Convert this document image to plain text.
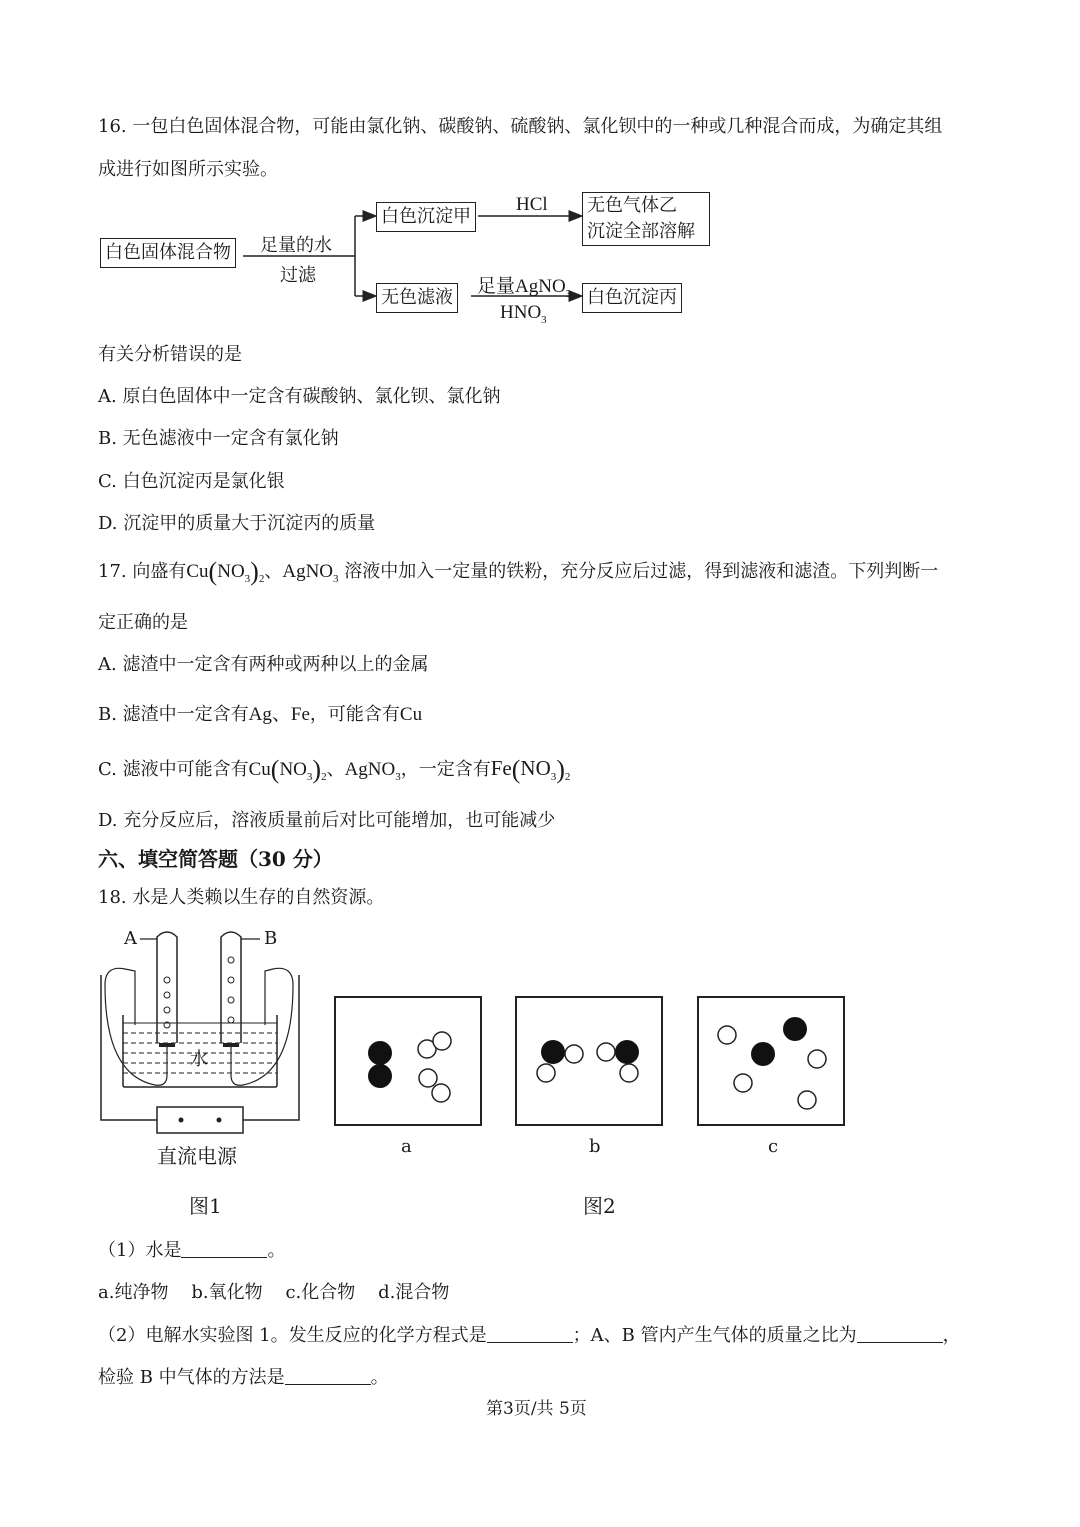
16. 一包白色固体混合物，可能由氯化钠、碳酸钠、硫酸钠、氯化钡中的一种或几种混合而成，为确定其组
成进行如图所示实验。
白色固体混合物 足量的水
过滤
白色沉淀甲
HCl 无色气体乙
沉淀全部溶解
无色滤液
足量AgNO$_3$
$HNO_3$
白色沉淀丙
有关分析错误的是
A. 原白色固体中一定含有碳酸钠、氯化钡、氯化钠
B. 无色滤液中一定含有氯化钠
C. 白色沉淀丙是氯化银
D. 沉淀甲的质量大于沉淀丙的质量
17. 向盛有$Cu(NO_3)_2$、AgNO$_3$ 溶液中加入一定量的铁粉，充分反应后过滤，得到滤液和滤渣。下列判断一
定正确的是
A. 滤渣中一定含有两种或两种以上的金属
B. 滤渣中一定含有Ag、Fe，可能含有Cu
C. 滤液中可能含有$Cu(NO_3)_2$、AgNO$_3$，一定含有$Fe(NO_3)_2$
D. 充分反应后，溶液质量前后对比可能增加，也可能减少
六、填空简答题（30 分）
18. 水是人类赖以生存的自然资源。
A	B
水
直流电源
图1
a	b	c
图2
（1）水是	。
a.纯净物    b.氧化物    c.化合物    d.混合物
（2）电解水实验图 1。发生反应的化学方程式是	；A、B 管内产生气体的质量之比为	，
检验 B 中气体的方法是	。
第3页/共 5页
